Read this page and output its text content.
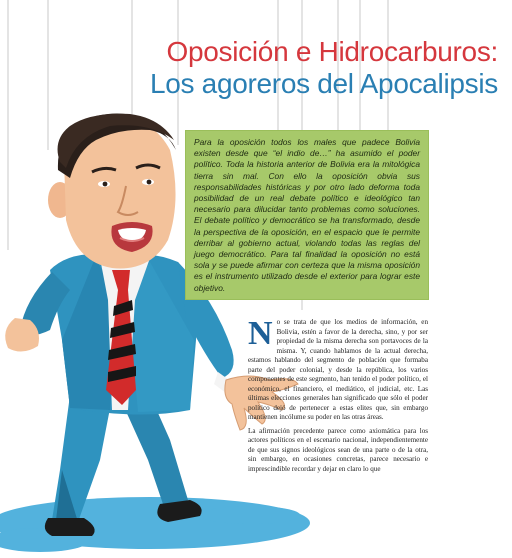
Oposición e Hidrocarburos:
Los agoreros del Apocalipsis

Para la oposición todos los males que padece Bolivia existen desde que “el indio de…” ha asumido el poder político. Toda la historia anterior de Bolivia era la mitológica tierra sin mal. Con ello la oposición obvia sus responsabilidades históricas y por otro lado deforma toda posibilidad de un real debate político e ideológico tan necesario para dilucidar tanto problemas como soluciones. El debate político y democrático se ha transformado, desde la perspectiva de la oposición, en el espacio que le permite derribar al gobierno actual, violando todas las reglas del juego democrático. Para tal finalidad la oposición no está sola y se puede afirmar con certeza que la misma oposición es el instrumento utilizado desde el exterior para lograr este objetivo.

N o se trata de que los medios de información, en Bolivia, estén a favor de la derecha, sino, y por ser propiedad de la misma derecha son portavoces de la misma. Y, cuando hablamos de la actual derecha, estamos hablando del segmento de población que formaba parte del poder colonial, y desde la república, los varios componentes de este segmento, han tenido el poder político, el económico, el financiero, el mediático, el judicial, etc. Las últimas elecciones generales han significado que sólo el poder político dejó de pertenecer a estas elites que, sin embargo mantienen incólume su poder en las otras áreas.

La afirmación precedente parece como axiomática para los actores políticos en el escenario nacional, independientemente de que sus signos ideológicos sean de una parte o de la otra, sin embargo, en ocasiones concretas, parece necesario e imprescindible recordar y dejar en claro lo que
